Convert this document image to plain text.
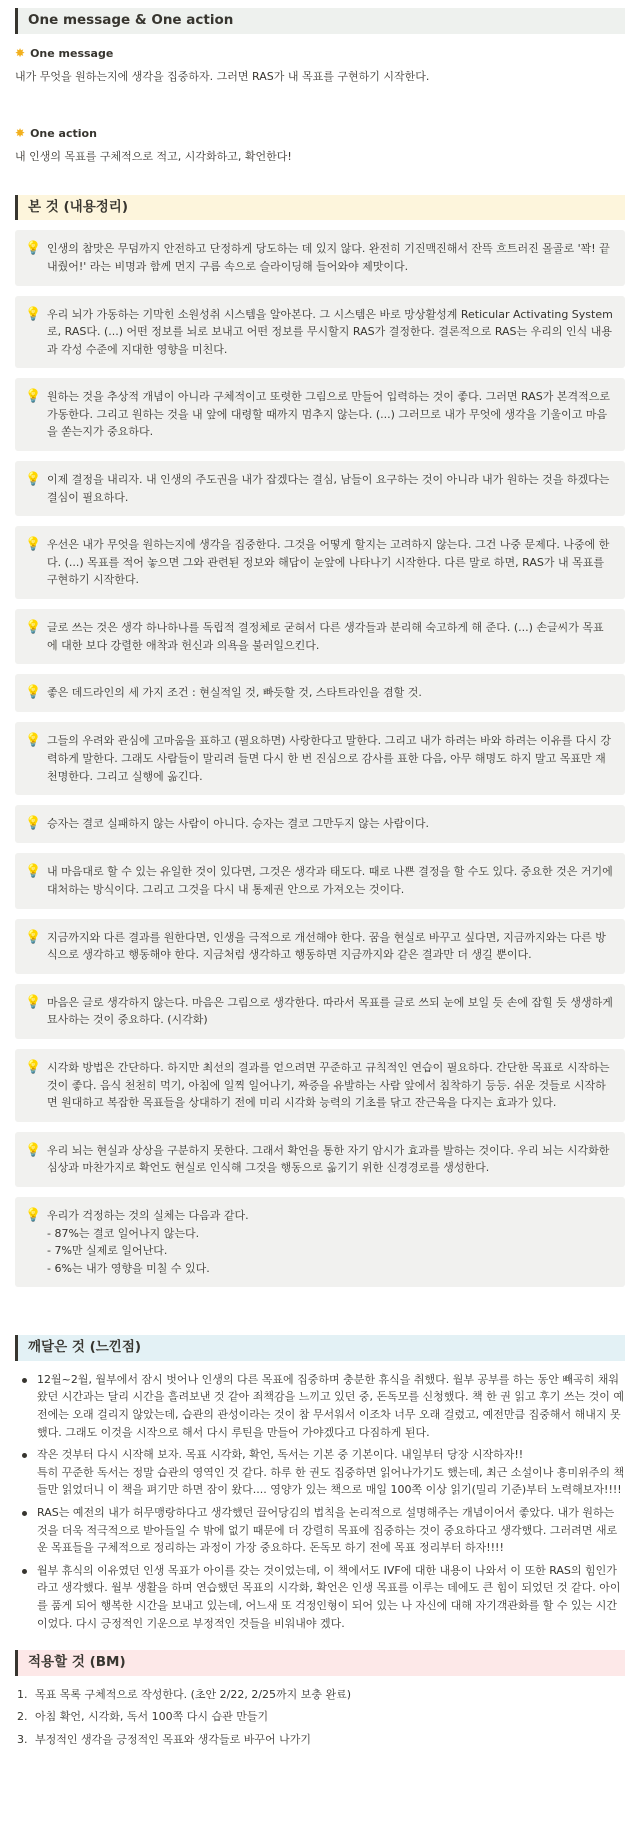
One message & One action
✸ One message
내가 무엇을 원하는지에 생각을 집중하자. 그러면 RAS가 내 목표를 구현하기 시작한다.
✸ One action
내 인생의 목표를 구체적으로 적고, 시각화하고, 확언한다!
본 것 (내용정리)
💡 인생의 참맛은 무덤까지 안전하고 단정하게 당도하는 데 있지 않다. 완전히 기진맥진해서 잔뜩 흐트러진 몰골로 '꽉! 끝내줬어!' 라는 비명과 함께 먼지 구름 속으로 슬라이딩해 들어와야 제맛이다.
💡 우리 뇌가 가동하는 기막힌 소원성취 시스템을 알아본다. 그 시스템은 바로 망상활성계 Reticular Activating System로, RAS다. (...) 어떤 정보를 뇌로 보내고 어떤 정보를 무시할지 RAS가 결정한다. 결론적으로 RAS는 우리의 인식 내용과 각성 수준에 지대한 영향을 미친다.
💡 원하는 것을 추상적 개념이 아니라 구체적이고 또렷한 그림으로 만들어 입력하는 것이 좋다. 그러면 RAS가 본격적으로 가동한다. 그리고 원하는 것을 내 앞에 대령할 때까지 멈추지 않는다. (...) 그러므로 내가 무엇에 생각을 기울이고 마음을 쏟는지가 중요하다.
💡 이제 결정을 내리자. 내 인생의 주도권을 내가 잡겠다는 결심, 남들이 요구하는 것이 아니라 내가 원하는 것을 하겠다는 결심이 필요하다.
💡 우선은 내가 무엇을 원하는지에 생각을 집중한다. 그것을 어떻게 할지는 고려하지 않는다. 그건 나중 문제다. 나중에 한다. (...) 목표를 적어 놓으면 그와 관련된 정보와 해답이 눈앞에 나타나기 시작한다. 다른 말로 하면, RAS가 내 목표를 구현하기 시작한다.
💡 글로 쓰는 것은 생각 하나하나를 독립적 결정체로 굳혀서 다른 생각들과 분리해 숙고하게 해 준다. (...) 손글씨가 목표에 대한 보다 강렬한 애착과 헌신과 의욕을 불러일으킨다.
💡 좋은 데드라인의 세 가지 조건 : 현실적일 것, 빠듯할 것, 스타트라인을 겸할 것.
💡 그들의 우려와 관심에 고마움을 표하고 (필요하면) 사랑한다고 말한다. 그리고 내가 하려는 바와 하려는 이유를 다시 강력하게 말한다. 그래도 사람들이 말리려 들면 다시 한 번 진심으로 감사를 표한 다음, 아무 해명도 하지 말고 목표만 재천명한다. 그리고 실행에 옮긴다.
💡 승자는 결코 실패하지 않는 사람이 아니다. 승자는 결코 그만두지 않는 사람이다.
💡 내 마음대로 할 수 있는 유일한 것이 있다면, 그것은 생각과 태도다. 때로 나쁜 결정을 할 수도 있다. 중요한 것은 거기에 대처하는 방식이다. 그리고 그것을 다시 내 통제권 안으로 가져오는 것이다.
💡 지금까지와 다른 결과를 원한다면, 인생을 극적으로 개선해야 한다. 꿈을 현실로 바꾸고 싶다면, 지금까지와는 다른 방식으로 생각하고 행동해야 한다. 지금처럼 생각하고 행동하면 지금까지와 같은 결과만 더 생길 뿐이다.
💡 마음은 글로 생각하지 않는다. 마음은 그림으로 생각한다. 따라서 목표를 글로 쓰되 눈에 보일 듯 손에 잡힐 듯 생생하게 묘사하는 것이 중요하다. (시각화)
💡 시각화 방법은 간단하다. 하지만 최선의 결과를 얻으려면 꾸준하고 규칙적인 연습이 필요하다. 간단한 목표로 시작하는 것이 좋다. 음식 천천히 먹기, 아침에 일찍 일어나기, 짜증을 유발하는 사람 앞에서 침착하기 등등. 쉬운 것들로 시작하면 원대하고 복잡한 목표들을 상대하기 전에 미리 시각화 능력의 기초를 닦고 잔근육을 다지는 효과가 있다.
💡 우리 뇌는 현실과 상상을 구분하지 못한다. 그래서 확언을 통한 자기 암시가 효과를 발하는 것이다. 우리 뇌는 시각화한 심상과 마찬가지로 확언도 현실로 인식해 그것을 행동으로 옮기기 위한 신경경로를 생성한다.
💡 우리가 걱정하는 것의 실체는 다음과 같다.
- 87%는 결코 일어나지 않는다.
- 7%만 실제로 일어난다.
- 6%는 내가 영향을 미칠 수 있다.
깨달은 것 (느낀점)
12월~2월, 월부에서 잠시 벗어나 인생의 다른 목표에 집중하며 충분한 휴식을 취했다. 월부 공부를 하는 동안 빼곡히 채워왔던 시간과는 달리 시간을 흘려보낸 것 같아 죄책감을 느끼고 있던 중, 돈독모를 신청했다. 책 한 권 읽고 후기 쓰는 것이 예전에는 오래 걸리지 않았는데, 습관의 관성이라는 것이 참 무서워서 이조차 너무 오래 걸렸고, 예전만큼 집중해서 해내지 못했다. 그래도 이것을 시작으로 해서 다시 루틴을 만들어 가야겠다고 다짐하게 된다.
작은 것부터 다시 시작해 보자. 목표 시각화, 확언, 독서는 기본 중 기본이다. 내일부터 당장 시작하자!!
특히 꾸준한 독서는 정말 습관의 영역인 것 같다. 하루 한 권도 집중하면 읽어나가기도 했는데, 최근 소설이나 흥미위주의 책들만 읽었더니 이 책을 펴기만 하면 잠이 왔다.... 영양가 있는 책으로 매일 100쪽 이상 읽기(밀리 기준)부터 노력해보자!!!!
RAS는 예전의 내가 허무맹랑하다고 생각했던 끌어당김의 법칙을 논리적으로 설명해주는 개념이어서 좋았다. 내가 원하는 것을 더욱 적극적으로 받아들일 수 밖에 없기 때문에 더 강렬히 목표에 집중하는 것이 중요하다고 생각했다. 그러려면 새로운 목표들을 구체적으로 정리하는 과정이 가장 중요하다. 돈독모 하기 전에 목표 정리부터 하자!!!!
월부 휴식의 이유였던 인생 목표가 아이를 갖는 것이었는데, 이 책에서도 IVF에 대한 내용이 나와서 이 또한 RAS의 힘인가 라고 생각했다. 월부 생활을 하며 연습했던 목표의 시각화, 확언은 인생 목표를 이루는 데에도 큰 힘이 되었던 것 같다. 아이를 품게 되어 행복한 시간을 보내고 있는데, 어느새 또 걱정인형이 되어 있는 나 자신에 대해 자기객관화를 할 수 있는 시간이었다. 다시 긍정적인 기운으로 부정적인 것들을 비워내야 겠다.
적용할 것 (BM)
1. 목표 목록 구체적으로 작성한다. (초안 2/22, 2/25까지 보충 완료)
2. 아침 확언, 시각화, 독서 100쪽 다시 습관 만들기
3. 부정적인 생각을 긍정적인 목표와 생각들로 바꾸어 나가기
